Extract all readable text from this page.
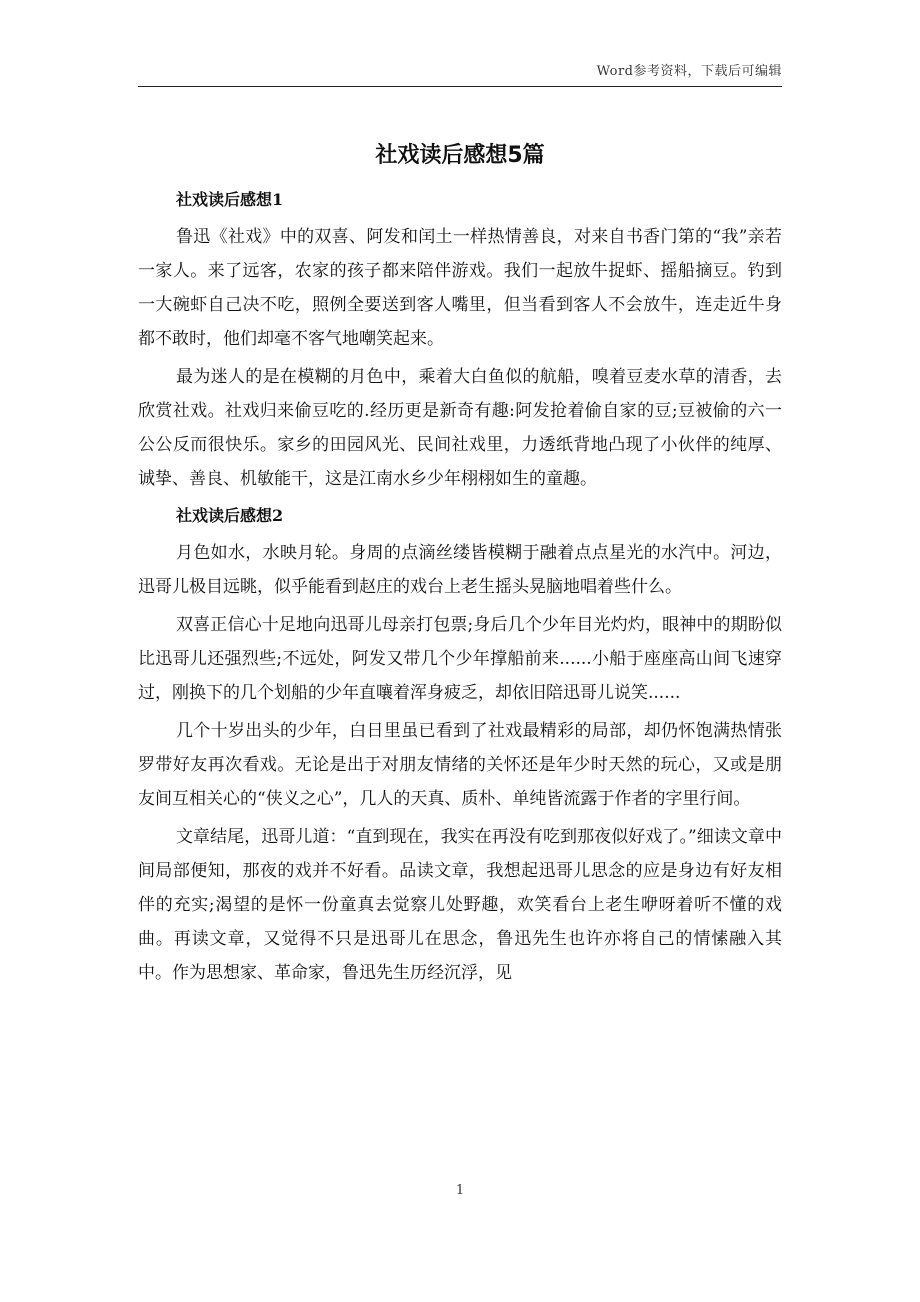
Word参考资料，下载后可编辑
社戏读后感想5篇

社戏读后感想1

鲁迅《社戏》中的双喜、阿发和闰土一样热情善良，对来自书香门第的“我”亲若一家人。来了远客，农家的孩子都来陪伴游戏。我们一起放牛捉虾、摇船摘豆。钓到一大碗虾自己决不吃，照例全要送到客人嘴里，但当看到客人不会放牛，连走近牛身都不敢时，他们却毫不客气地嘲笑起来。

最为迷人的是在模糊的月色中，乘着大白鱼似的航船，嗅着豆麦水草的清香，去欣赏社戏。社戏归来偷豆吃的.经历更是新奇有趣:阿发抢着偷自家的豆;豆被偷的六一公公反而很快乐。家乡的田园风光、民间社戏里，力透纸背地凸现了小伙伴的纯厚、诚挚、善良、机敏能干，这是江南水乡少年栩栩如生的童趣。

社戏读后感想2

月色如水，水映月轮。身周的点滴丝缕皆模糊于融着点点星光的水汽中。河边，迅哥儿极目远眺，似乎能看到赵庄的戏台上老生摇头晃脑地唱着些什么。

双喜正信心十足地向迅哥儿母亲打包票;身后几个少年目光灼灼，眼神中的期盼似比迅哥儿还强烈些;不远处，阿发又带几个少年撑船前来......小船于座座高山间飞速穿过，刚换下的几个划船的少年直嚷着浑身疲乏，却依旧陪迅哥儿说笑......

几个十岁出头的少年，白日里虽已看到了社戏最精彩的局部，却仍怀饱满热情张罗带好友再次看戏。无论是出于对朋友情绪的关怀还是年少时天然的玩心，又或是朋友间互相关心的“侠义之心”，几人的天真、质朴、单纯皆流露于作者的字里行间。

文章结尾，迅哥儿道：“直到现在，我实在再没有吃到那夜似好戏了。”细读文章中间局部便知，那夜的戏并不好看。品读文章，我想起迅哥儿思念的应是身边有好友相伴的充实;渴望的是怀一份童真去觉察儿处野趣，欢笑看台上老生咿呀着听不懂的戏曲。再读文章，又觉得不只是迅哥儿在思念，鲁迅先生也许亦将自己的情愫融入其中。作为思想家、革命家，鲁迅先生历经沉浮，见

1
